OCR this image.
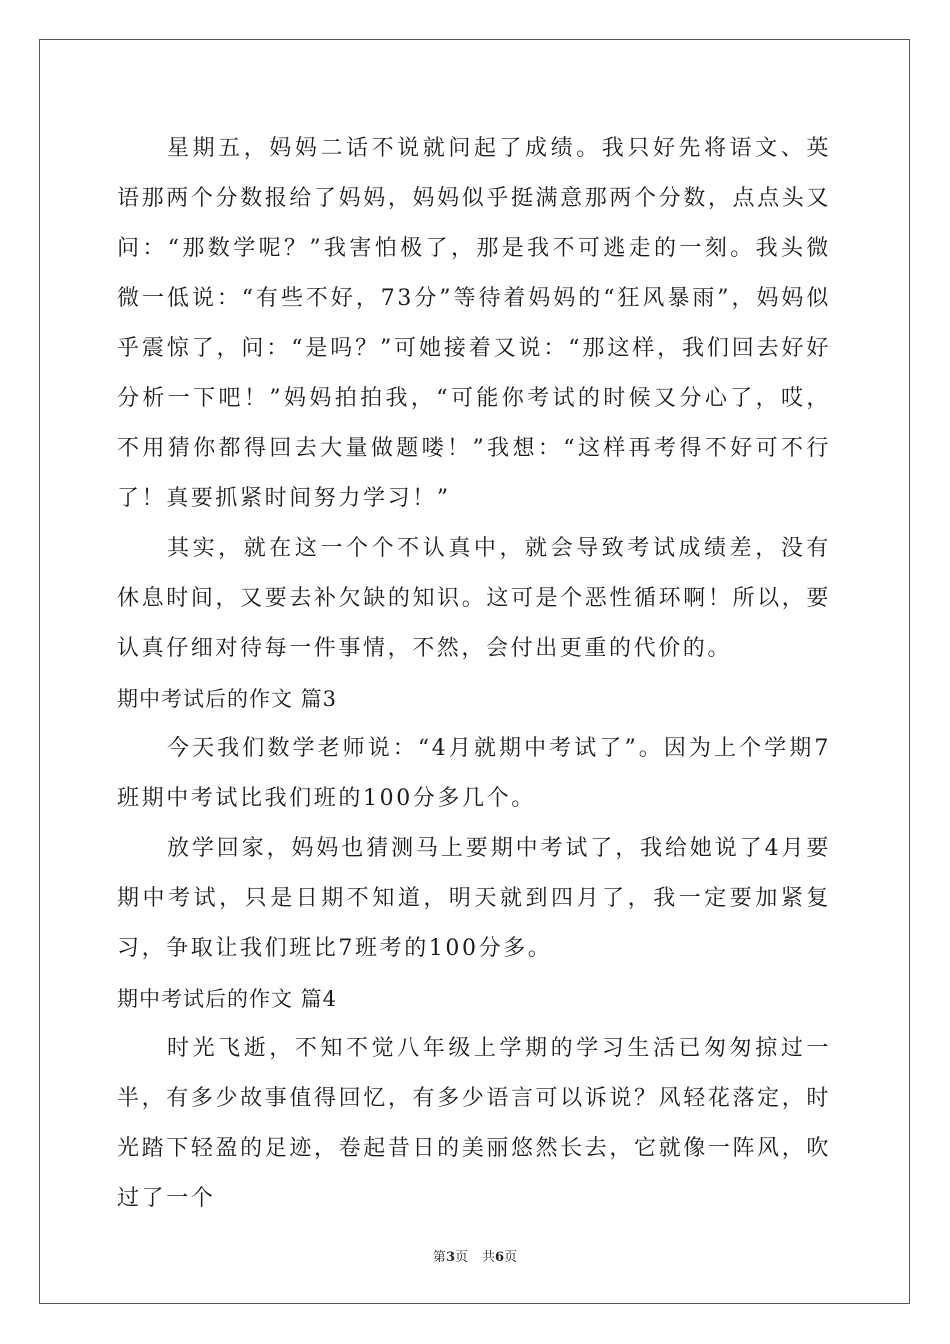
星期五，妈妈二话不说就问起了成绩。我只好先将语文、英语那两个分数报给了妈妈，妈妈似乎挺满意那两个分数，点点头又问：“那数学呢？”我害怕极了，那是我不可逃走的一刻。我头微微一低说：“有些不好，73分”等待着妈妈的“狂风暴雨”，妈妈似乎震惊了，问：“是吗？”可她接着又说：“那这样，我们回去好好分析一下吧！”妈妈拍拍我，“可能你考试的时候又分心了，哎，不用猜你都得回去大量做题喽！”我想：“这样再考得不好可不行了！真要抓紧时间努力学习！”

其实，就在这一个个不认真中，就会导致考试成绩差，没有休息时间，又要去补欠缺的知识。这可是个恶性循环啊！所以，要认真仔细对待每一件事情，不然，会付出更重的代价的。

期中考试后的作文 篇3

今天我们数学老师说：“4月就期中考试了”。因为上个学期7班期中考试比我们班的100分多几个。

放学回家，妈妈也猜测马上要期中考试了，我给她说了4月要期中考试，只是日期不知道，明天就到四月了，我一定要加紧复习，争取让我们班比7班考的100分多。

期中考试后的作文 篇4

时光飞逝，不知不觉八年级上学期的学习生活已匆匆掠过一半，有多少故事值得回忆，有多少语言可以诉说？风轻花落定，时光踏下轻盈的足迹，卷起昔日的美丽悠然长去，它就像一阵风，吹过了一个

第3页 共6页
